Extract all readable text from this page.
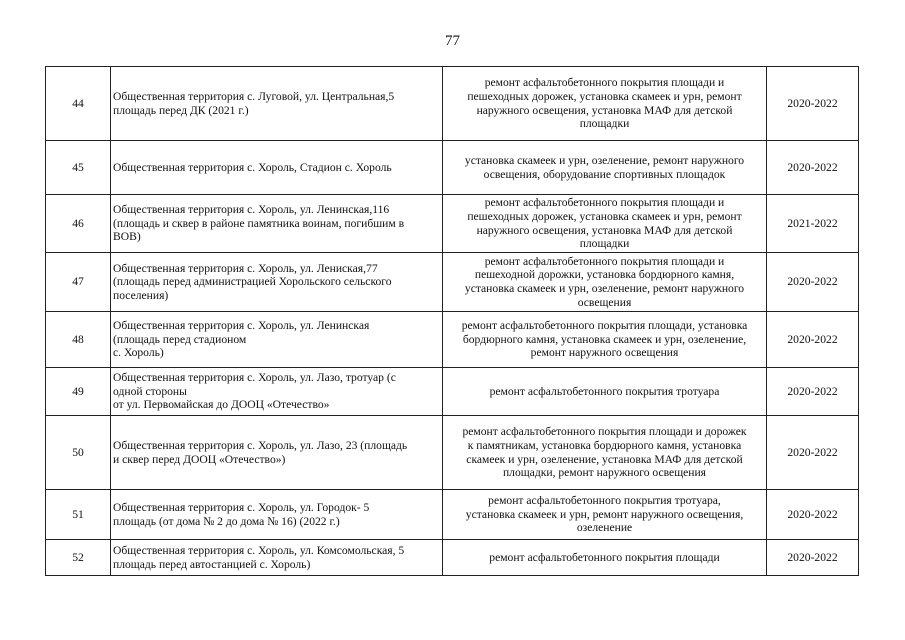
77
44	Общественная территория с. Луговой, ул. Центральная,5
площадь перед ДК (2021 г.)	ремонт асфальтобетонного покрытия площади и
пешеходных дорожек, установка скамеек и урн, ремонт
наружного освещения, установка МАФ для детской
площадки	2020-2022
45	Общественная территория с. Хороль, Стадион с. Хороль	установка скамеек и урн, озеленение, ремонт наружного
освещения, оборудование спортивных площадок	2020-2022
46	Общественная территория с. Хороль, ул. Ленинская,116
(площадь и сквер в районе памятника воинам, погибшим в
ВОВ)	ремонт асфальтобетонного покрытия площади и
пешеходных дорожек, установка скамеек и урн, ремонт
наружного освещения, установка МАФ для детской
площадки	2021-2022
47	Общественная территория с. Хороль, ул. Лениская,77
(площадь перед администрацией Хорольского сельского
поселения)	ремонт асфальтобетонного покрытия площади и
пешеходной дорожки, установка бордюрного камня,
установка скамеек и урн, озеленение, ремонт наружного
освещения	2020-2022
48	Общественная территория с. Хороль, ул. Ленинская
(площадь перед стадионом
с. Хороль)	ремонт асфальтобетонного покрытия площади, установка
бордюрного камня, установка скамеек и урн, озеленение,
ремонт наружного освещения	2020-2022
49	Общественная территория с. Хороль, ул. Лазо, тротуар (с
одной стороны
от ул. Первомайская до ДООЦ «Отечество»	ремонт асфальтобетонного покрытия тротуара	2020-2022
50	Общественная территория с. Хороль, ул. Лазо, 23 (площадь
и сквер перед ДООЦ «Отечество»)	ремонт асфальтобетонного покрытия площади и дорожек
к памятникам, установка бордюрного камня, установка
скамеек и урн, озеленение, установка МАФ для детской
площадки, ремонт наружного освещения	2020-2022
51	Общественная территория с. Хороль, ул. Городок- 5
площадь (от дома № 2 до дома № 16) (2022 г.)	ремонт асфальтобетонного покрытия тротуара,
установка скамеек и урн, ремонт наружного освещения,
озеленение	2020-2022
52	Общественная территория с. Хороль, ул. Комсомольская, 5
площадь перед автостанцией с. Хороль)	ремонт асфальтобетонного покрытия площади	2020-2022
